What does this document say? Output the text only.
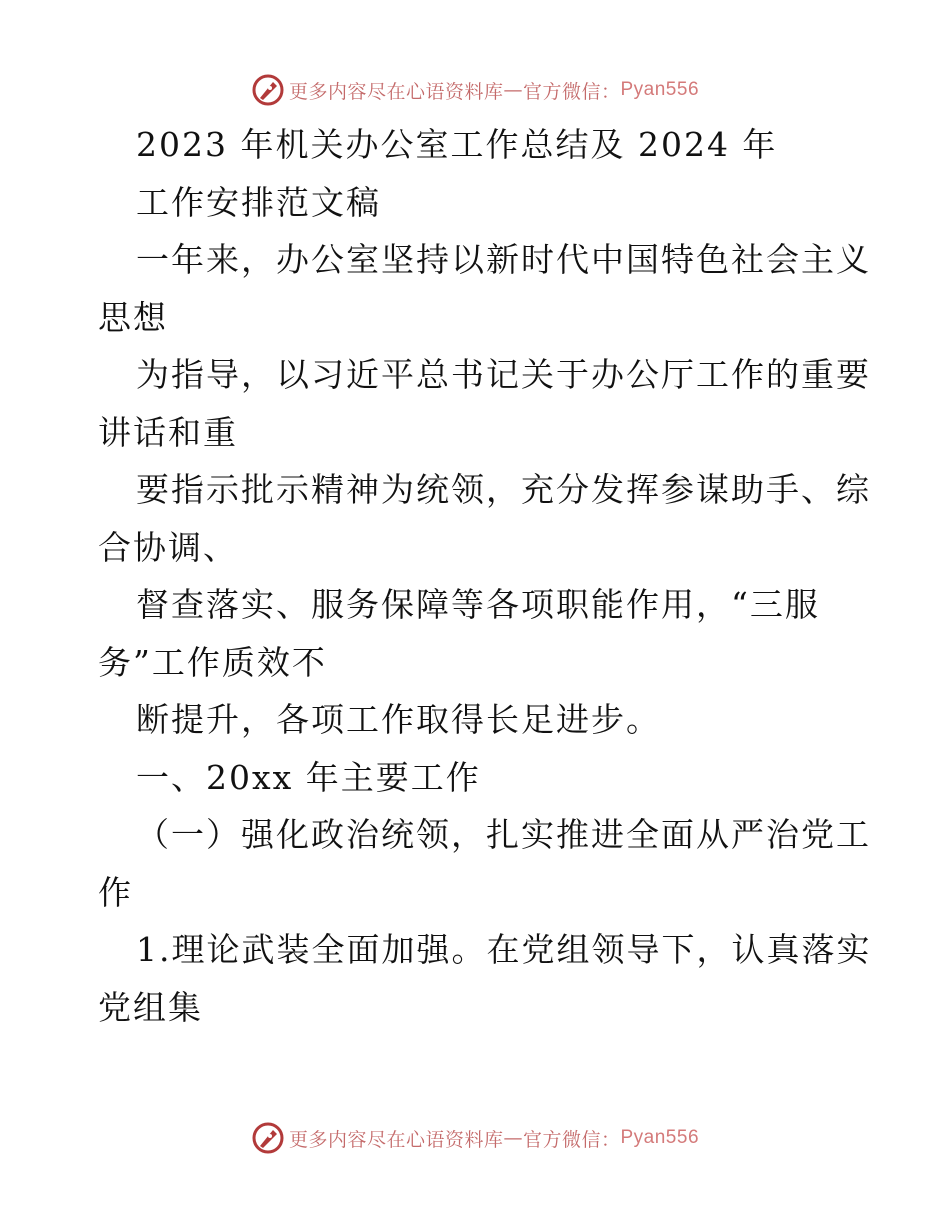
更多内容尽在心语资料库 — 官方微信： Pyan556
2023 年机关办公室工作总结及 2024 年
工作安排范文稿
一年来，办公室坚持以新时代中国特色社会主义
思想
为指导，以习近平总书记关于办公厅工作的重要
讲话和重
要指示批示精神为统领，充分发挥参谋助手、综
合协调、
督查落实、服务保障等各项职能作用，“三服
务”工作质效不
断提升，各项工作取得长足进步。
一、20xx 年主要工作
（一）强化政治统领，扎实推进全面从严治党工
作
1.理论武装全面加强。在党组领导下，认真落实
党组集
更多内容尽在心语资料库 — 官方微信： Pyan556
